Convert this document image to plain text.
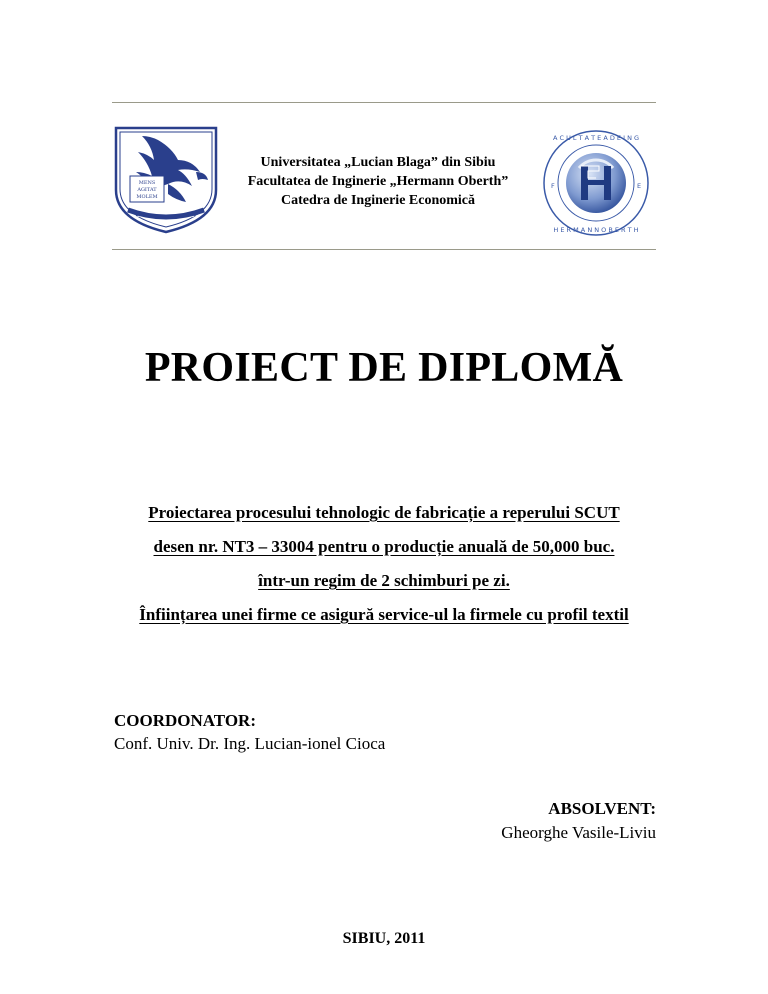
MENS
AGITAT
MOLEM
Universitatea „Lucian Blaga” din Sibiu
Facultatea de Inginerie „Hermann Oberth”
Catedra de Inginerie Economică
A C U L T A T E A D E I N G
H E R M A N N O B E R T H
F	E
PROIECT DE DIPLOMĂ
Proiectarea procesului tehnologic de fabricație a reperului SCUT
desen nr. NT3 – 33004 pentru o producție anuală de 50,000 buc.
într-un regim de 2 schimburi pe zi.
Înființarea unei firme ce asigură service-ul la firmele cu profil textil
COORDONATOR:
Conf. Univ. Dr. Ing. Lucian-ionel Cioca
ABSOLVENT:
Gheorghe Vasile-Liviu
SIBIU, 2011
